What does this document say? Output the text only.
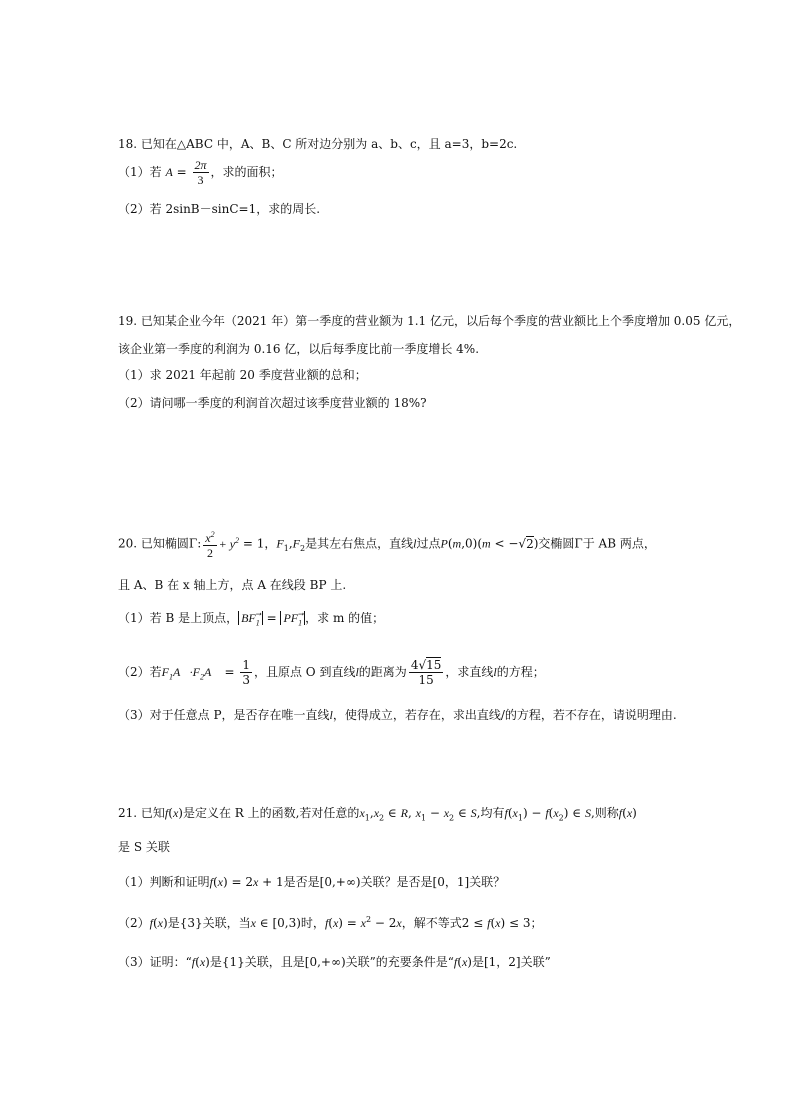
18. 已知在△ABC 中，A、B、C 所对边分别为 a、b、c，且 a=3，b=2c.
（1）若 $A = \frac{2\pi}{3}$ ，求的面积；
（2）若 2sinB－sinC=1，求的周长.
19. 已知某企业今年（2021 年）第一季度的营业额为 1.1 亿元，以后每个季度的营业额比上个季度增加 0.05 亿元，该企业第一季度的利润为 0.16 亿，以后每季度比前一季度增长 4%.
（1）求 2021 年起前 20 季度营业额的总和；
（2）请问哪一季度的利润首次超过该季度营业额的 18%?
20. 已知椭圆Γ: $\frac{x^2}{2} + y^2 = 1$，$F_1,F_2$是其左右焦点，直线l过点P(m,0)(m < −√2)交椭圆Γ于 AB 两点，
且 A、B 在 x 轴上方，点 A 在线段 BP 上.
（1）若 B 是上顶点， $BF_1 = PF_1$ ，求 m 的值；
（2）若$F_1A⃗\cdot F_2A⃗ = \frac{1}{3}$ ，且原点 O 到直线l的距离为 $\frac{4√15}{15}$ ，求直线l的方程；
（3）对于任意点 P，是否存在唯一直线l，使得成立，若存在，求出直线/的方程，若不存在，请说明理由.
21. 已知f(x)是定义在 R 上的函数,若对任意的$x_1,x_2$ ∈ R, $x_1 - x_2$ ∈ S,均有$f(x_1) - f(x_2)$ ∈ S,则称f(x)
是 S 关联
（1）判断和证明f(x) = 2x + 1是否是[0,+∞)关联？是否是[0，1]关联？
（2）f(x)是{3}关联，当x ∈ [0,3)时，$f(x) = x^2 - 2x$，解不等式2 ≤ f(x) ≤ 3；
（3）证明：“f(x)是{1}关联，且是[0,+∞)关联”的充要条件是“f(x)是[1，2]关联”
